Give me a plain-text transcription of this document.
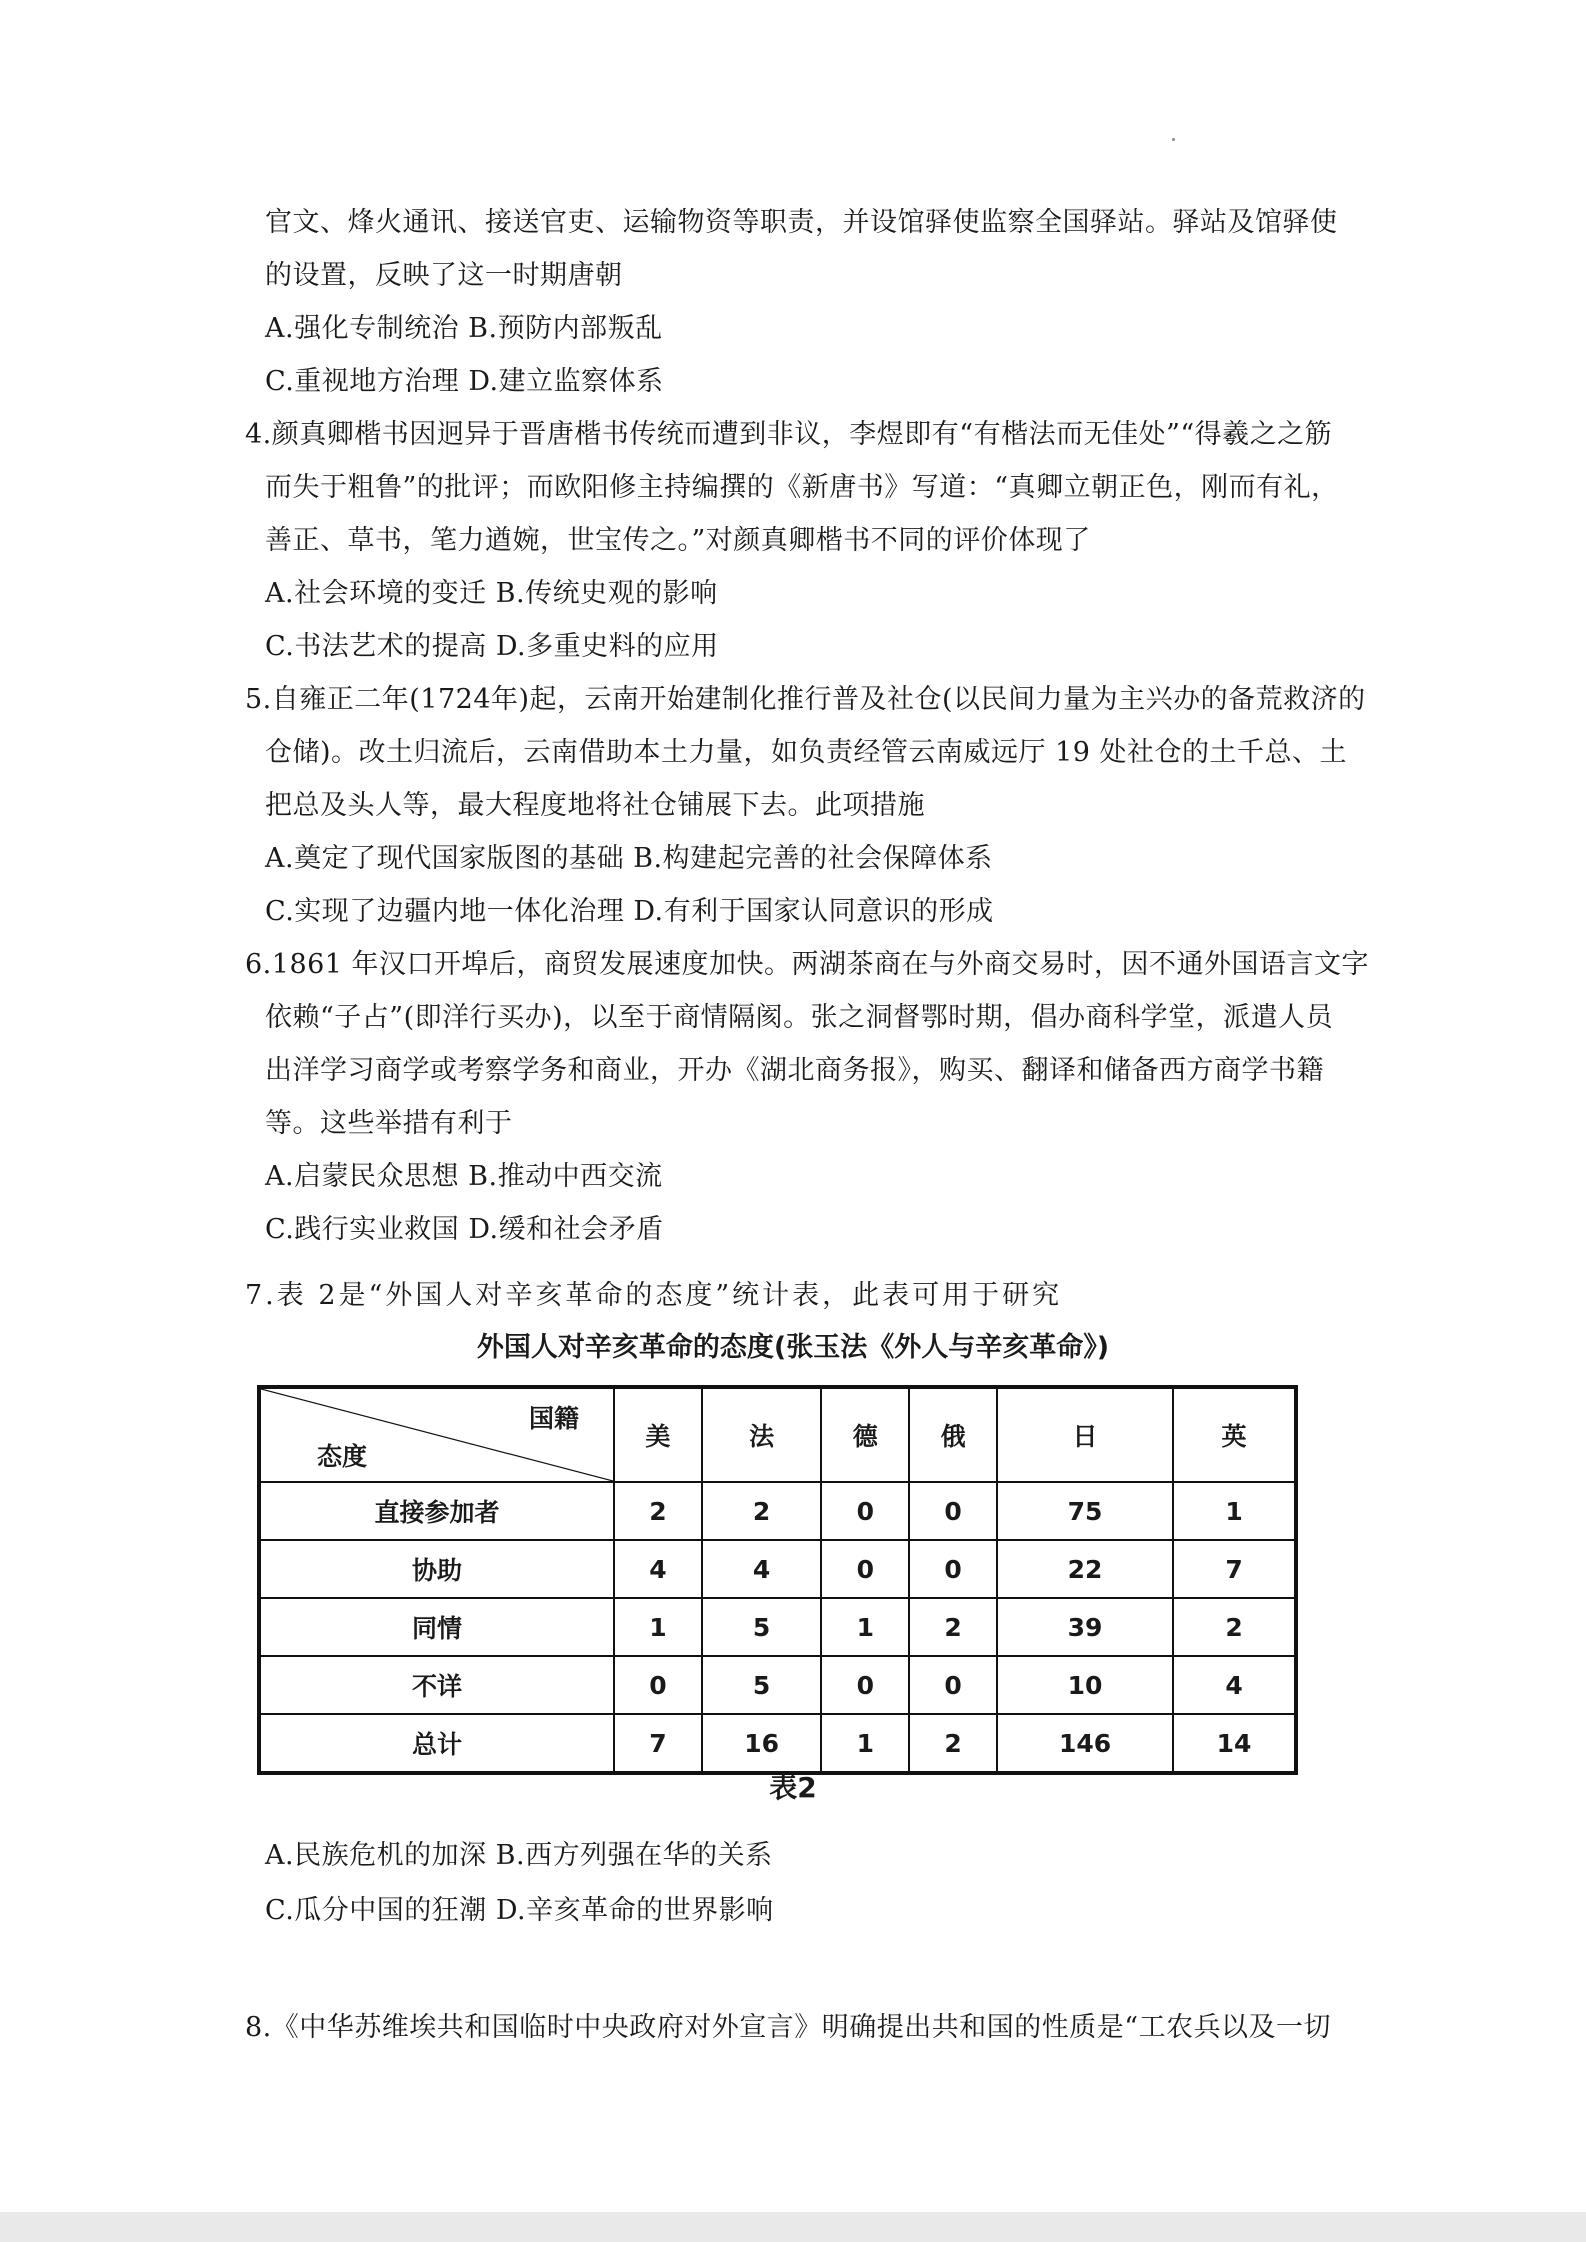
官文、烽火通讯、接送官吏、运输物资等职责，并设馆驿使监察全国驿站。驿站及馆驿使
的设置，反映了这一时期唐朝
A.强化专制统治 B.预防内部叛乱
C.重视地方治理 D.建立监察体系
4.颜真卿楷书因迥异于晋唐楷书传统而遭到非议，李煜即有“有楷法而无佳处”“得羲之之筋
而失于粗鲁”的批评；而欧阳修主持编撰的《新唐书》写道：“真卿立朝正色，刚而有礼，
善正、草书，笔力遒婉，世宝传之。”对颜真卿楷书不同的评价体现了
A.社会环境的变迁 B.传统史观的影响
C.书法艺术的提高 D.多重史料的应用
5.自雍正二年(1724年)起，云南开始建制化推行普及社仓(以民间力量为主兴办的备荒救济的
仓储)。改土归流后，云南借助本土力量，如负责经管云南威远厅 19 处社仓的土千总、土
把总及头人等，最大程度地将社仓铺展下去。此项措施
A.奠定了现代国家版图的基础 B.构建起完善的社会保障体系
C.实现了边疆内地一体化治理 D.有利于国家认同意识的形成
6.1861 年汉口开埠后，商贸发展速度加快。两湖茶商在与外商交易时，因不通外国语言文字
依赖“子占”(即洋行买办)，以至于商情隔阂。张之洞督鄂时期，倡办商科学堂，派遣人员
出洋学习商学或考察学务和商业，开办《湖北商务报》，购买、翻译和储备西方商学书籍
等。这些举措有利于
A.启蒙民众思想 B.推动中西交流
C.践行实业救国 D.缓和社会矛盾
7.表 2是“外国人对辛亥革命的态度”统计表，此表可用于研究
外国人对辛亥革命的态度(张玉法《外人与辛亥革命》)
国籍
态度	美	法	德	俄	日	英
直接参加者	2	2	0	0	75	1
协助	4	4	0	0	22	7
同情	1	5	1	2	39	2
不详	0	5	0	0	10	4
总计	7	16	1	2	146	14
表2
A.民族危机的加深 B.西方列强在华的关系
C.瓜分中国的狂潮 D.辛亥革命的世界影响
8.《中华苏维埃共和国临时中央政府对外宣言》明确提出共和国的性质是“工农兵以及一切
